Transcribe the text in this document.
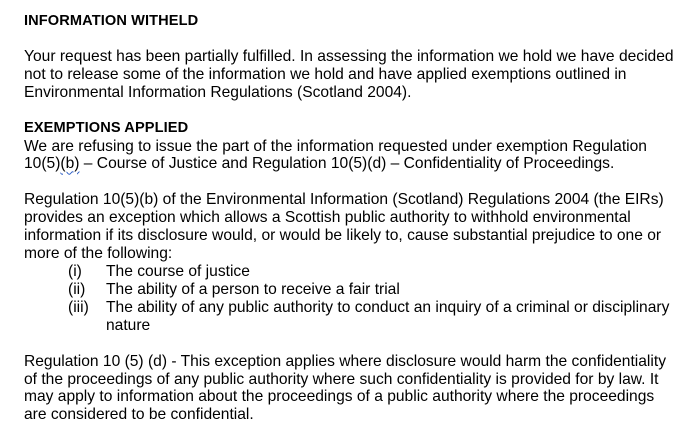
INFORMATION WITHELD

Your request has been partially fulfilled. In assessing the information we hold we have decided not to release some of the information we hold and have applied exemptions outlined in Environmental Information Regulations (Scotland 2004).

EXEMPTIONS APPLIED

We are refusing to issue the part of the information requested under exemption Regulation 10(5)(b) – Course of Justice and Regulation 10(5)(d) – Confidentiality of Proceedings.

Regulation 10(5)(b) of the Environmental Information (Scotland) Regulations 2004 (the EIRs) provides an exception which allows a Scottish public authority to withhold environmental information if its disclosure would, or would be likely to, cause substantial prejudice to one or more of the following:

(i) The course of justice
(ii) The ability of a person to receive a fair trial
(iii) The ability of any public authority to conduct an inquiry of a criminal or disciplinary nature

Regulation 10 (5) (d) - This exception applies where disclosure would harm the confidentiality of the proceedings of any public authority where such confidentiality is provided for by law. It may apply to information about the proceedings of a public authority where the proceedings are considered to be confidential.
